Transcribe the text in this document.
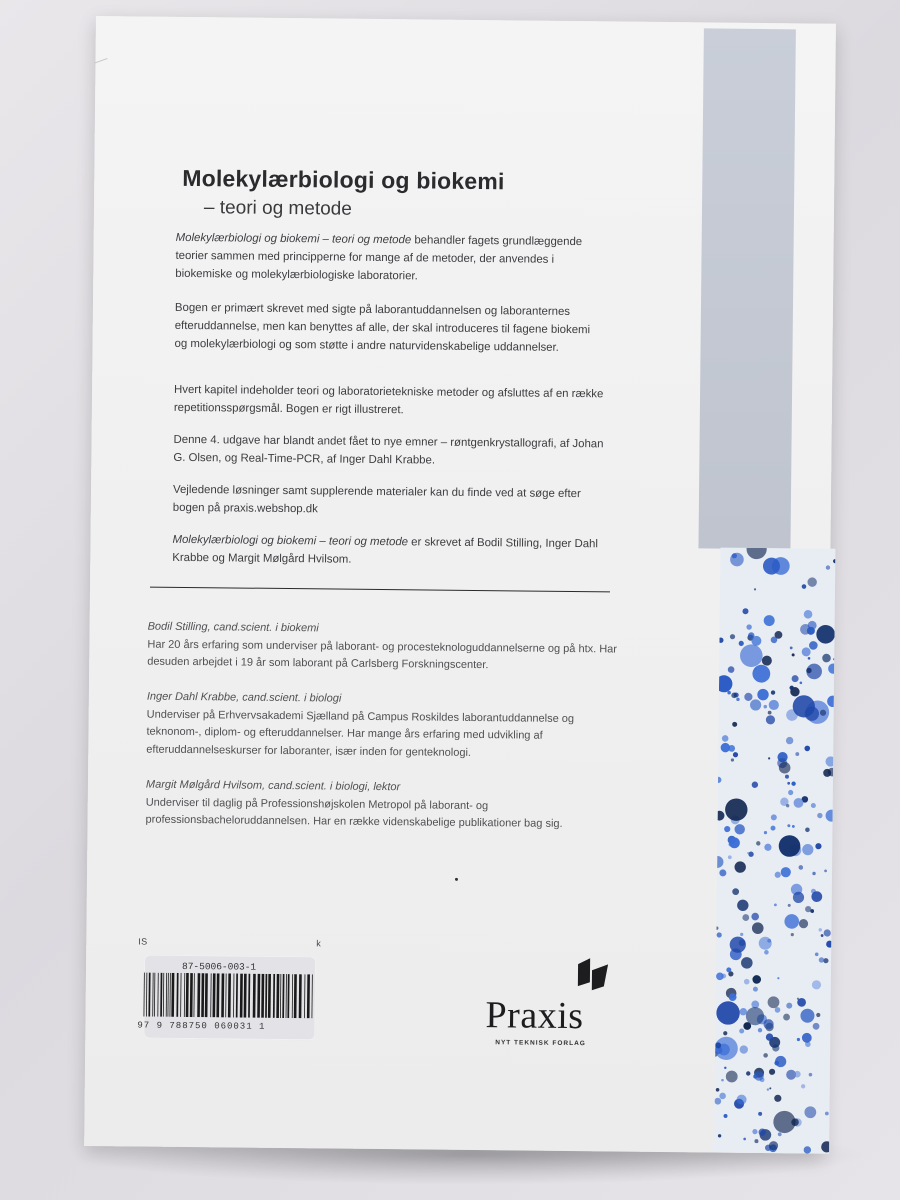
Molekylærbiologi og biokemi
– teori og metode
Molekylærbiologi og biokemi – teori og metode behandler fagets grundlæggende teorier sammen med principperne for mange af de metoder, der anvendes i biokemiske og molekylærbiologiske laboratorier.
Bogen er primært skrevet med sigte på laborantuddannelsen og laboranternes efteruddannelse, men kan benyttes af alle, der skal introduceres til fagene biokemi og molekylærbiologi og som støtte i andre naturvidenskabelige uddannelser.
Hvert kapitel indeholder teori og laboratorietekniske metoder og afsluttes af en række repetitionsspørgsmål. Bogen er rigt illustreret.
Denne 4. udgave har blandt andet fået to nye emner – røntgenkrystallografi, af Johan G. Olsen, og Real-Time-PCR, af Inger Dahl Krabbe.
Vejledende løsninger samt supplerende materialer kan du finde ved at søge efter bogen på praxis.webshop.dk
Molekylærbiologi og biokemi – teori og metode er skrevet af Bodil Stilling, Inger Dahl Krabbe og Margit Mølgård Hvilsom.
Bodil Stilling, cand.scient. i biokemi
Har 20 års erfaring som underviser på laborant- og procesteknologuddannelserne og på htx. Har desuden arbejdet i 19 år som laborant på Carlsberg Forskningscenter.
Inger Dahl Krabbe, cand.scient. i biologi
Underviser på Erhvervsakademi Sjælland på Campus Roskildes laborantuddannelse og teknonom-, diplom- og efteruddannelser. Har mange års erfaring med udvikling af efteruddannelseskurser for laboranter, især inden for genteknologi.
Margit Mølgård Hvilsom, cand.scient. i biologi, lektor
Underviser til daglig på Professionshøjskolen Metropol på laborant- og professionsbacheloruddannelsen. Har en række videnskabelige publikationer bag sig.
IS	k
87-5006-003-1
97 9 788750 060031 1	Praxis
NYT TEKNISK FORLAG
